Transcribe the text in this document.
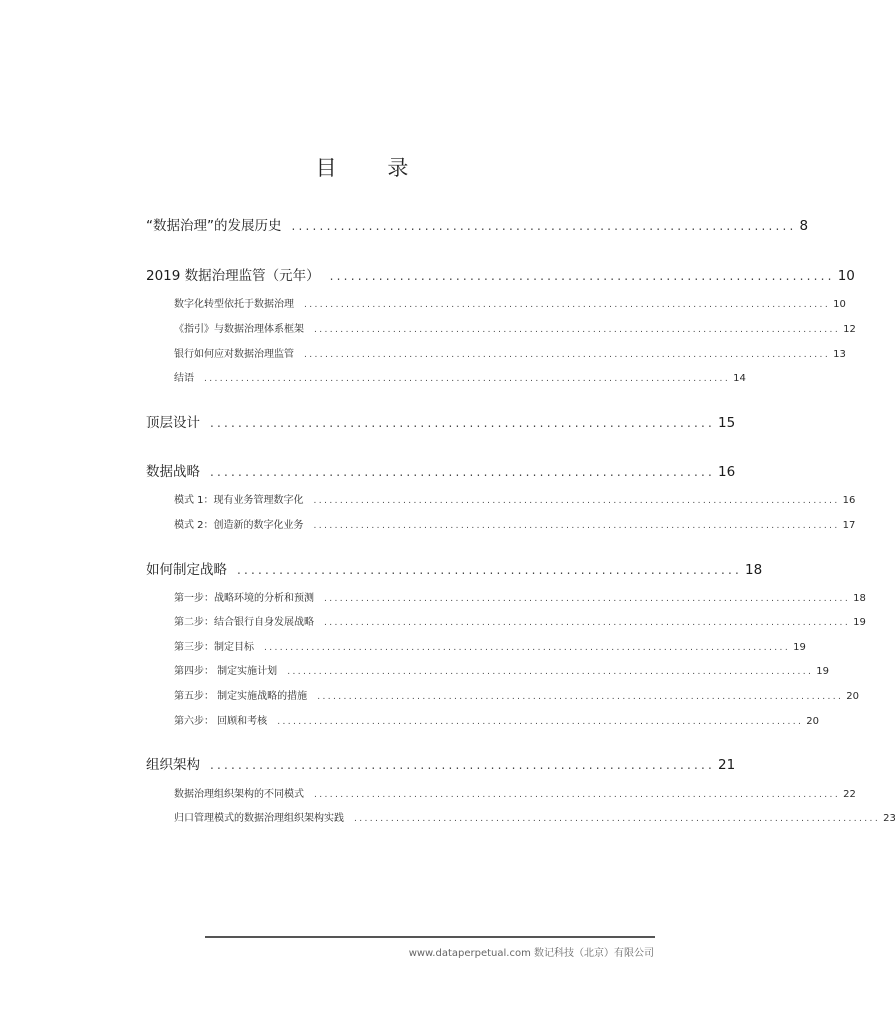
目 录
“数据治理”的发展历史 ........................................................................ 8
2019 数据治理监管（元年） ........................................................................ 10
数字化转型依托于数据治理 .................................................................................................... 10
《指引》与数据治理体系框架 .................................................................................................... 12
银行如何应对数据治理监管 .................................................................................................... 13
结语 .................................................................................................... 14
顶层设计 ........................................................................ 15
数据战略 ........................................................................ 16
模式 1：现有业务管理数字化 .................................................................................................... 16
模式 2：创造新的数字化业务 .................................................................................................... 17
如何制定战略 ........................................................................ 18
第一步：战略环境的分析和预测 .................................................................................................... 18
第二步：结合银行自身发展战略 .................................................................................................... 19
第三步：制定目标 .................................................................................................... 19
第四步： 制定实施计划 .................................................................................................... 19
第五步： 制定实施战略的措施 .................................................................................................... 20
第六步： 回顾和考核 .................................................................................................... 20
组织架构 ........................................................................ 21
数据治理组织架构的不同模式 .................................................................................................... 22
归口管理模式的数据治理组织架构实践 .................................................................................................... 23
www.dataperpetual.com 数记科技（北京）有限公司
